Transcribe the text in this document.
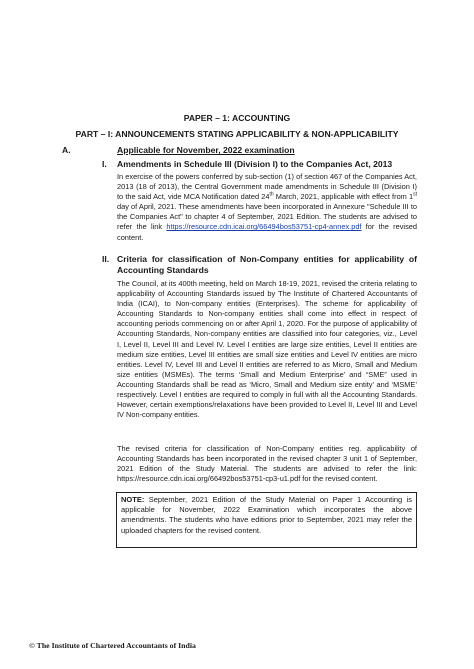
PAPER – 1: ACCOUNTING
PART – I: ANNOUNCEMENTS STATING APPLICABILITY & NON-APPLICABILITY
A.	Applicable for November, 2022 examination
I. Amendments in Schedule III (Division I) to the Companies Act, 2013
In exercise of the powers conferred by sub-section (1) of section 467 of the Companies Act, 2013 (18 of 2013), the Central Government made amendments in Schedule III (Division I) to the said Act, vide MCA Notification dated 24th March, 2021, applicable with effect from 1st day of April, 2021. These amendments have been incorporated in Annexure "Schedule III to the Companies Act" to chapter 4 of September, 2021 Edition. The students are advised to refer the link https://resource.cdn.icai.org/66494bos53751-cp4-annex.pdf for the revised content.
II. Criteria for classification of Non-Company entities for applicability of Accounting Standards
The Council, at its 400th meeting, held on March 18-19, 2021, revised the criteria relating to applicability of Accounting Standards issued by The Institute of Chartered Accountants of India (ICAI), to Non-company entities (Enterprises). The scheme for applicability of Accounting Standards to Non-company entities shall come into effect in respect of accounting periods commencing on or after April 1, 2020. For the purpose of applicability of Accounting Standards, Non-company entities are classified into four categories, viz., Level I, Level II, Level III and Level IV. Level I entities are large size entities, Level II entities are medium size entities, Level III entities are small size entities and Level IV entities are micro entities. Level IV, Level III and Level II entities are referred to as Micro, Small and Medium size entities (MSMEs). The terms ‘Small and Medium Enterprise’ and “SME” used in Accounting Standards shall be read as ‘Micro, Small and Medium size entity’ and ‘MSME’ respectively. Level I entities are required to comply in full with all the Accounting Standards. However, certain exemptions/relaxations have been provided to Level II, Level III and Level IV Non-company entities.
The revised criteria for classification of Non-Company entities reg. applicability of Accounting Standards has been incorporated in the revised chapter 3 unit 1 of September, 2021 Edition of the Study Material. The students are advised to refer the link: https://resource.cdn.icai.org/66492bos53751-cp3-u1.pdf for the revised content.
NOTE: September, 2021 Edition of the Study Material on Paper 1 Accounting is applicable for November, 2022 Examination which incorporates the above amendments. The students who have editions prior to September, 2021 may refer the uploaded chapters for the revised content.
© The Institute of Chartered Accountants of India
